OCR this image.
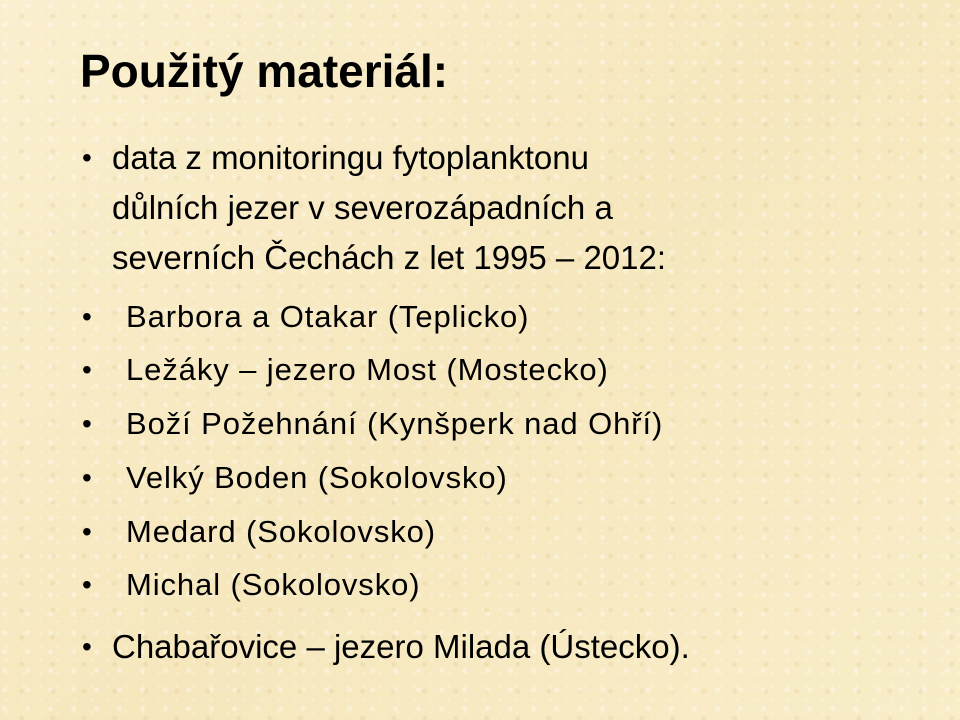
Použitý materiál:
• data z monitoringu fytoplanktonu
důlních jezer v severozápadních a
severních Čechách z let 1995 – 2012:
•	Barbora a Otakar (Teplicko)
•	Ležáky – jezero Most (Mostecko)
•	Boží Požehnání (Kynšperk nad Ohří)
•	Velký Boden (Sokolovsko)
•	Medard (Sokolovsko)
•	Michal (Sokolovsko)
• Chabařovice – jezero Milada (Ústecko).
